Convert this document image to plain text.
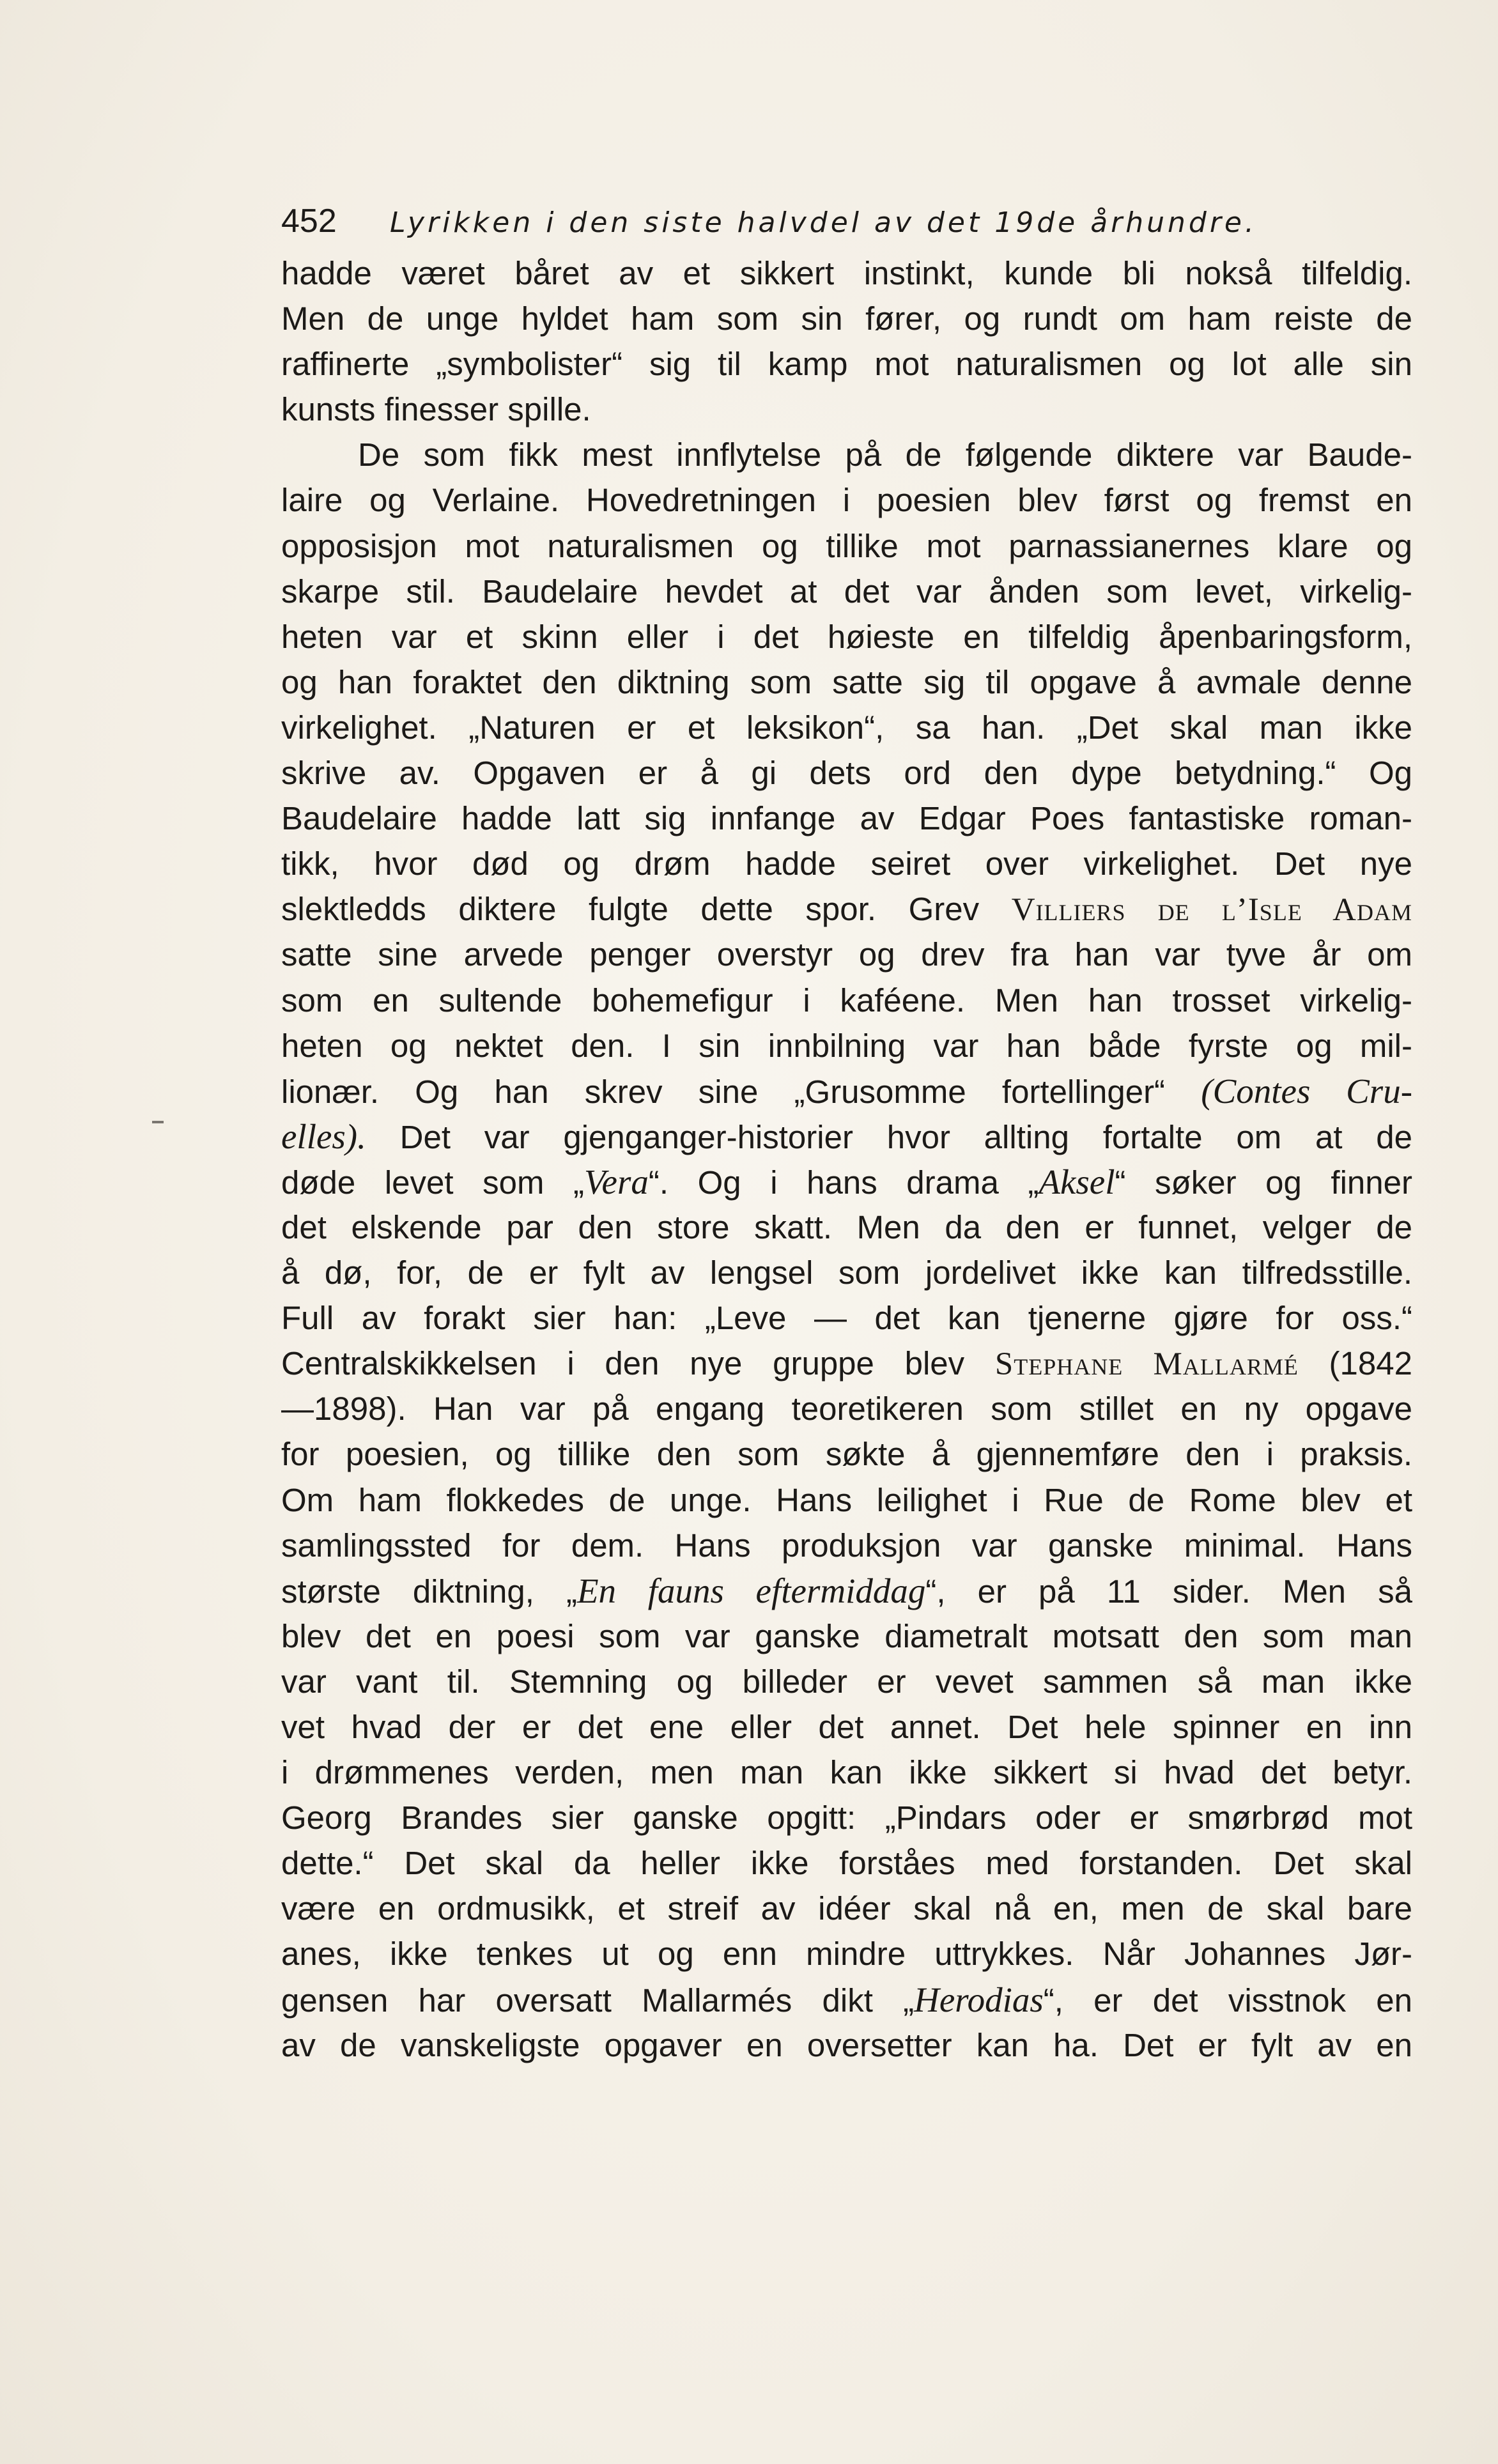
452 Lyrikken i den siste halvdel av det 19de århundre.
hadde været båret av et sikkert instinkt, kunde bli nokså tilfeldig.
Men de unge hyldet ham som sin fører, og rundt om ham reiste de
raffinerte „symbolister“ sig til kamp mot naturalismen og lot alle sin
kunsts finesser spille.
De som fikk mest innflytelse på de følgende diktere var Baude-
laire og Verlaine. Hovedretningen i poesien blev først og fremst en
opposisjon mot naturalismen og tillike mot parnassianernes klare og
skarpe stil. Baudelaire hevdet at det var ånden som levet, virkelig-
heten var et skinn eller i det høieste en tilfeldig åpenbaringsform,
og han foraktet den diktning som satte sig til opgave å avmale denne
virkelighet. „Naturen er et leksikon“, sa han. „Det skal man ikke
skrive av. Opgaven er å gi dets ord den dype betydning.“ Og
Baudelaire hadde latt sig innfange av Edgar Poes fantastiske roman-
tikk, hvor død og drøm hadde seiret over virkelighet. Det nye
slektledds diktere fulgte dette spor. Grev Villiers de l’Isle Adam
satte sine arvede penger overstyr og drev fra han var tyve år om
som en sultende bohemefigur i kaféene. Men han trosset virkelig-
heten og nektet den. I sin innbilning var han både fyrste og mil-
lionær. Og han skrev sine „Grusomme fortellinger“ (Contes Cru-
elles). Det var gjenganger-historier hvor allting fortalte om at de
døde levet som „Vera“. Og i hans drama „Aksel“ søker og finner
det elskende par den store skatt. Men da den er funnet, velger de
å dø, for, de er fylt av lengsel som jordelivet ikke kan tilfredsstille.
Full av forakt sier han: „Leve — det kan tjenerne gjøre for oss.“
Centralskikkelsen i den nye gruppe blev Stephane Mallarmé (1842
—1898). Han var på engang teoretikeren som stillet en ny opgave
for poesien, og tillike den som søkte å gjennemføre den i praksis.
Om ham flokkedes de unge. Hans leilighet i Rue de Rome blev et
samlingssted for dem. Hans produksjon var ganske minimal. Hans
største diktning, „En fauns eftermiddag“, er på 11 sider. Men så
blev det en poesi som var ganske diametralt motsatt den som man
var vant til. Stemning og billeder er vevet sammen så man ikke
vet hvad der er det ene eller det annet. Det hele spinner en inn
i drømmenes verden, men man kan ikke sikkert si hvad det betyr.
Georg Brandes sier ganske opgitt: „Pindars oder er smørbrød mot
dette.“ Det skal da heller ikke forståes med forstanden. Det skal
være en ordmusikk, et streif av idéer skal nå en, men de skal bare
anes, ikke tenkes ut og enn mindre uttrykkes. Når Johannes Jør-
gensen har oversatt Mallarmés dikt „Herodias“, er det visstnok en
av de vanskeligste opgaver en oversetter kan ha. Det er fylt av en
